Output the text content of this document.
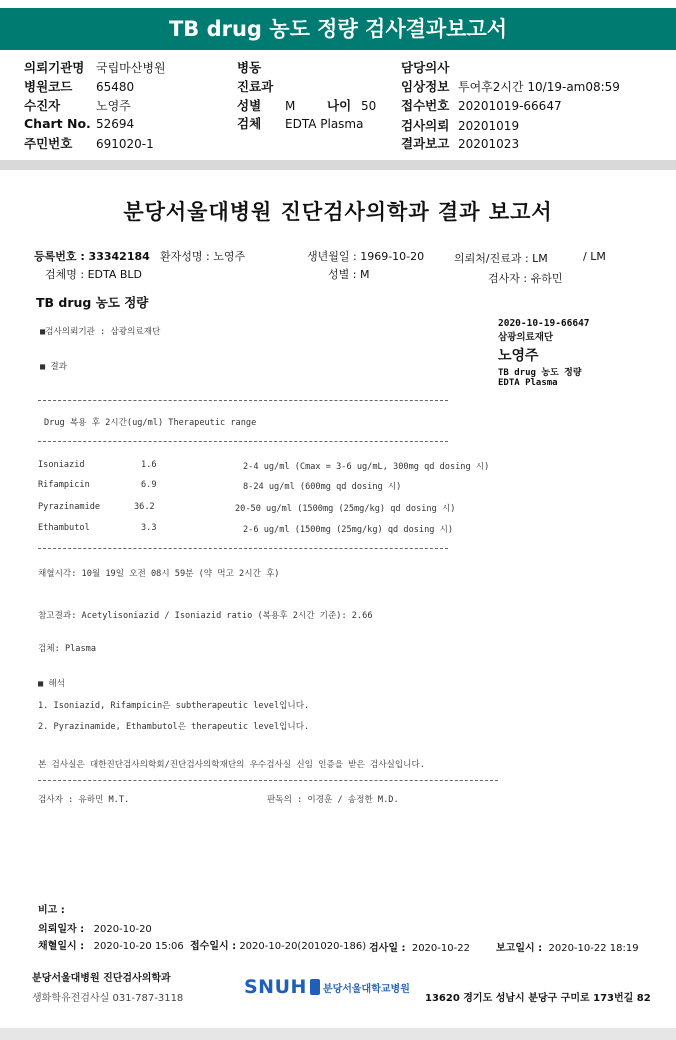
TB drug 농도 정량 검사결과보고서
의뢰기관명 국립마산병원
병원코드 65480
수진자	노영주
Chart No. 52694
주민번호 691020-1
병동
진료과
성별 M	나이 50
검체 EDTA Plasma
담당의사
임상정보 투여후2시간 10/19-am08:59
접수번호 20201019-66647
검사의뢰 20201019
결과보고 20201023
분당서울대병원 진단검사의학과 결과 보고서
등록번호 : 33342184 환자성명 : 노영주	생년월일 : 1969-10-20	의뢰처/진료과 : LM	/ LM
검체명 : EDTA BLD	성별 : M	검사자 : 유하민
TB drug 농도 정량
2020-10-19-66647
삼광의료재단
노영주
TB drug 농도 정량
EDTA Plasma
■검사의뢰기관 : 삼광의료재단
■ 결과
Drug 복용 후 2시간(ug/ml) Therapeutic range
Isoniazid	1.6	2-4 ug/ml (Cmax = 3-6 ug/mL, 300mg qd dosing 시)
Rifampicin	6.9	8-24 ug/ml (600mg qd dosing 시)
Pyrazinamide	36.2	20-50 ug/ml (1500mg (25mg/kg) qd dosing 시)
Ethambutol	3.3	2-6 ug/ml (1500mg (25mg/kg) qd dosing 시)
채혈시각: 10월 19일 오전 08시 59분 (약 먹고 2시간 후)
참고결과: Acetylisoniazid / Isoniazid ratio (복용후 2시간 기준): 2.66
검체: Plasma
■ 해석
1. Isoniazid, Rifampicin은 subtherapeutic level입니다.
2. Pyrazinamide, Ethambutol은 therapeutic level입니다.
본 검사실은 대한진단검사의학회/진단검사의학재단의 우수검사실 신임 인증을 받은 검사실입니다.
검사자 : 유하민 M.T.	판독의 : 이경훈 / 송정한 M.D.
비고 :
의뢰일자 : 2020-10-20
채혈일시 : 2020-10-20 15:06 접수일시 : 2020-10-20(201020-186) 검사일 : 2020-10-22	보고일시 : 2020-10-22 18:19
분당서울대병원 진단검사의학과
생화학유전검사실 031-787-3118
SNUH 분당서울대학교병원
13620 경기도 성남시 분당구 구미로 173번길 82
